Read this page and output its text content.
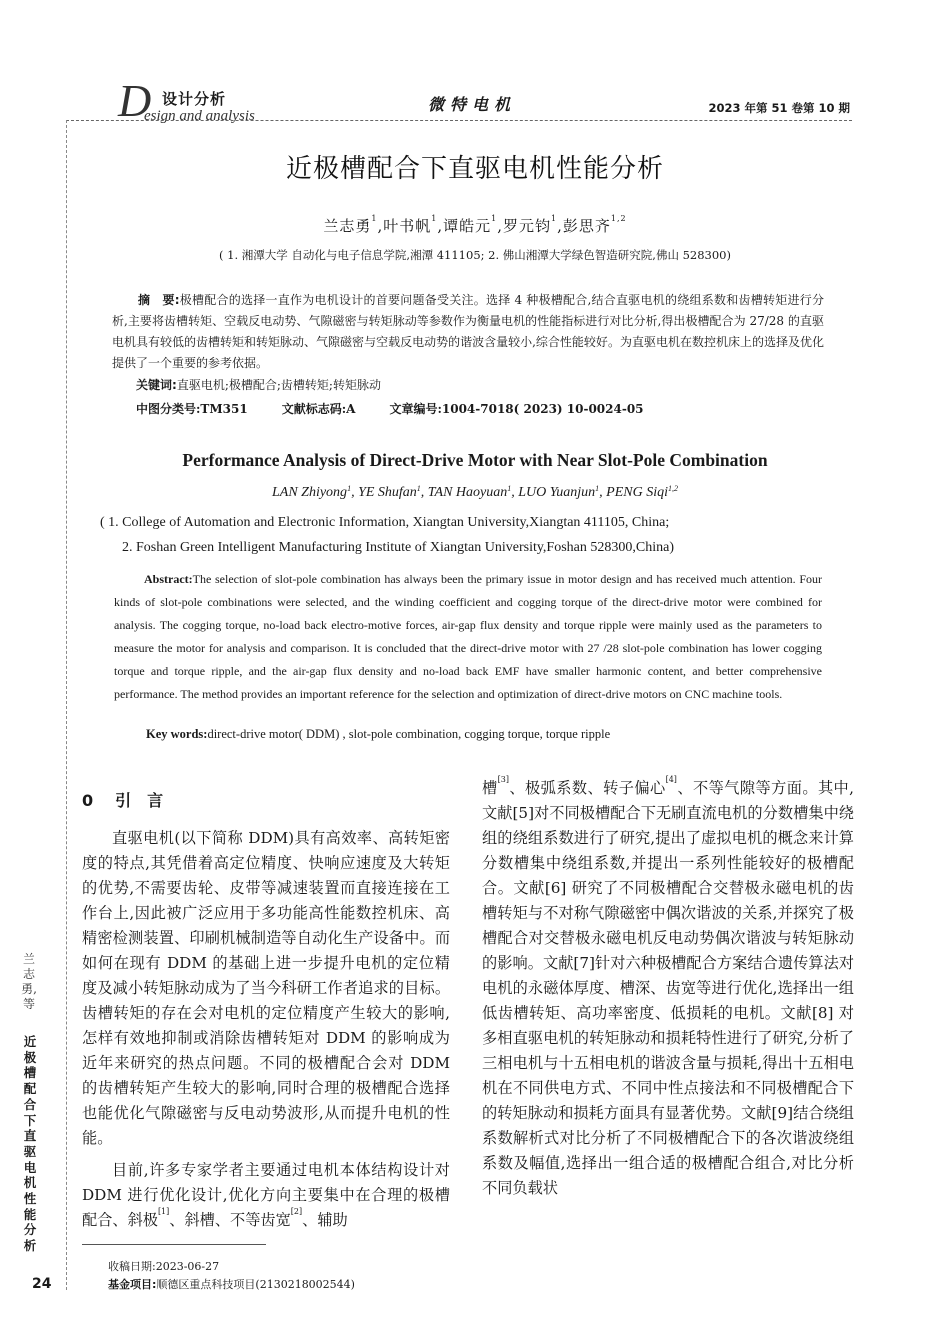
D 设计分析
esign and analysis
微特电机	2023 年第 51 卷第 10 期
近极槽配合下直驱电机性能分析
兰志勇$^1$,叶书帆$^1$,谭皓元$^1$,罗元钧$^1$,彭思齐$^{1,2}$
( 1. 湘潭大学 自动化与电子信息学院,湘潭 411105; 2. 佛山湘潭大学绿色智造研究院,佛山 528300)
摘　要:极槽配合的选择一直作为电机设计的首要问题备受关注。选择 4 种极槽配合,结合直驱电机的绕组系数和齿槽转矩进行分析,主要将齿槽转矩、空载反电动势、气隙磁密与转矩脉动等参数作为衡量电机的性能指标进行对比分析,得出极槽配合为 27/28 的直驱电机具有较低的齿槽转矩和转矩脉动、气隙磁密与空载反电动势的谐波含量较小,综合性能较好。为直驱电机在数控机床上的选择及优化提供了一个重要的参考依据。
关键词:直驱电机;极槽配合;齿槽转矩;转矩脉动
中图分类号:TM351	文献标志码:A	文章编号:1004-7018( 2023) 10-0024-05
Performance Analysis of Direct-Drive Motor with Near Slot-Pole Combination
LAN Zhiyong$^1$, YE Shufan$^1$, TAN Haoyuan$^1$, LUO Yuanjun$^1$, PENG Siqi$^{1,2}$
( 1. College of Automation and Electronic Information, Xiangtan University,Xiangtan 411105, China;
2. Foshan Green Intelligent Manufacturing Institute of Xiangtan University,Foshan 528300,China)
Abstract:The selection of slot-pole combination has always been the primary issue in motor design and has received much attention. Four kinds of slot-pole combinations were selected, and the winding coefficient and cogging torque of the direct-drive motor were combined for analysis. The cogging torque, no-load back electro-motive forces, air-gap flux density and torque ripple were mainly used as the parameters to measure the motor for analysis and comparison. It is concluded that the direct-drive motor with 27 /28 slot-pole combination has lower cogging torque and torque ripple, and the air-gap flux density and no-load back EMF have smaller harmonic content, and better comprehensive performance. The method provides an important reference for the selection and optimization of direct-drive motors on CNC machine tools.
Key words:direct-drive motor( DDM) , slot-pole combination, cogging torque, torque ripple
0 引　言
直驱电机(以下简称 DDM)具有高效率、高转矩密度的特点,其凭借着高定位精度、快响应速度及大转矩的优势,不需要齿轮、皮带等减速装置而直接连接在工作台上,因此被广泛应用于多功能高性能数控机床、高精密检测装置、印刷机械制造等自动化生产设备中。而如何在现有 DDM 的基础上进一步提升电机的定位精度及减小转矩脉动成为了当今科研工作者追求的目标。齿槽转矩的存在会对电机的定位精度产生较大的影响,怎样有效地抑制或消除齿槽转矩对 DDM 的影响成为近年来研究的热点问题。不同的极槽配合会对 DDM 的齿槽转矩产生较大的影响,同时合理的极槽配合选择也能优化气隙磁密与反电动势波形,从而提升电机的性能。
目前,许多专家学者主要通过电机本体结构设计对 DDM 进行优化设计,优化方向主要集中在合理的极槽配合、斜极[1]、斜槽、不等齿宽[2]、辅助
槽[3]、极弧系数、转子偏心[4]、不等气隙等方面。其中,文献[5]对不同极槽配合下无刷直流电机的分数槽集中绕组的绕组系数进行了研究,提出了虚拟电机的概念来计算分数槽集中绕组系数,并提出一系列性能较好的极槽配合。文献[6] 研究了不同极槽配合交替极永磁电机的齿槽转矩与不对称气隙磁密中偶次谐波的关系,并探究了极槽配合对交替极永磁电机反电动势偶次谐波与转矩脉动的影响。文献[7]针对六种极槽配合方案结合遗传算法对电机的永磁体厚度、槽深、齿宽等进行优化,选择出一组低齿槽转矩、高功率密度、低损耗的电机。文献[8] 对多相直驱电机的转矩脉动和损耗特性进行了研究,分析了三相电机与十五相电机的谐波含量与损耗,得出十五相电机在不同供电方式、不同中性点接法和不同极槽配合下的转矩脉动和损耗方面具有显著优势。文献[9]结合绕组系数解析式对比分析了不同极槽配合下的各次谐波绕组系数及幅值,选择出一组合适的极槽配合组合,对比分析不同负载状
兰志勇,等
近极槽配合下直驱电机性能分析
24
收稿日期:2023-06-27
基金项目:顺德区重点科技项目(2130218002544)
